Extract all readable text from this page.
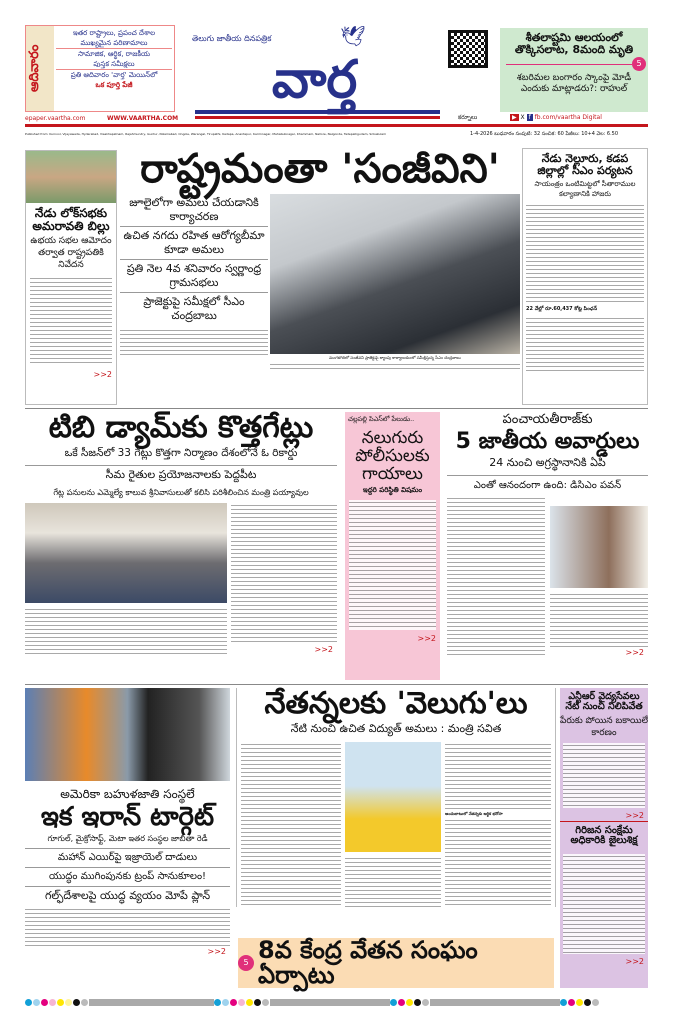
ఆదివారం
ఇతర రాష్ట్రాలు, ప్రపంచ దేశాల
ముఖ్యమైన పరిణామాలు
సామాజిక, ఆర్థిక, రాజకీయ
పుస్తక సమీక్షలు
ప్రతి ఆదివారం 'వార్త' మెయిన్‌లో
ఒక పూర్తి పేజీ
epaper.vaartha.com	WWW.VAARTHA.COM
తెలుగు జాతీయ దినపత్రిక	🕊
వార్త
కర్నూలు
శీతలాష్టమి ఆలయంలో తొక్కిసలాట, 8మంది మృతి
5
శబరిమల బంగారం స్కాంపై మోడీ ఎందుకు మాట్లాడరు?: రాహుల్
▶ X f fb.com/vaartha Digital
Published from: Kurnool, Vijayawada, Hyderabad, Visakhapatnam, Rajahmundry, Guntur, Nizamabad, Ongole, Warangal, Tirupathi, Kadapa, Anantapur, Karimnagar, Mahabubnagar, Khammam, Nellore, Nalgonda, Tadepalligudem, Srikakulam	1-4-2026 బుధవారం సంపుటి: 32 సంచిక: 60 పేజీలు: 10+4 వెల: 6.50
నేడు లోక్‌సభకు అమరావతి బిల్లు
ఉభయ సభల ఆమోదం తర్వాత రాష్ట్రపతికి నివేదన
>>2
రాష్ట్రమంతా 'సంజీవిని'
జూలైలోగా అమలు చేయడానికి కార్యాచరణ
ఉచిత నగదు రహిత ఆరోగ్యబీమా కూడా అమలు
ప్రతి నెల 4వ శనివారం స్వర్ణాంధ్ర గ్రామసభలు
ప్రాజెక్టుపై సమీక్షలో సీఎం చంద్రబాబు
మంగళగిరిలో సంజీవని ప్రాజెక్టుపై క్యాంపు కార్యాలయంలో సమీక్షిస్తున్న సీఎం చంద్రబాబు
నేడు నెల్లూరు, కడప జిల్లాల్లో సీఎం పర్యటన
సాయంత్రం ఒంటిమిట్టలో సీతారాముల కల్యాణానికి హాజరు
22 వేల్లో రూ.60,437 కోట్ల పింఛన్
టిబి డ్యామ్‌కు కొత్తగేట్లు
ఒకే సీజన్‌లో 33 గేట్లు కొత్తగా నిర్మాణం దేశంలోనే ఓ రికార్డు
సీమ రైతుల ప్రయోజనాలకు పెద్దపీట
గేట్ల పనులను ఎమ్మెల్యే కాలువ శ్రీనివాసులుతో కలిసి పరిశీలించిన మంత్రి పయ్యావుల
>>2
చల్లపల్లి పిఎస్‌లో పేలుడు..
నలుగురు పోలీసులకు గాయాలు
ఇద్దరి పరిస్థితి విషమం
>>2
పంచాయతీరాజ్‌కు
5 జాతీయ అవార్డులు
24 నుంచి అగ్రస్థానానికి ఏపి
ఎంతో ఆనందంగా ఉంది: డిసిఎం పవన్
>>2
అమెరికా బహుళజాతి సంస్థలే
ఇక ఇరాన్ టార్గెట్
గూగుల్, మైక్రోసాఫ్ట్, మెటా ఇతర సంస్థల జాబితా రెడీ
మహాన్ ఎయిర్‌పై ఇజ్రాయెల్ దాడులు
యుద్ధం ముగింపునకు ట్రంప్ సానుకూలం!
గల్ఫ్‌దేశాలపై యుద్ధ వ్యయం మోపే ప్లాన్
>>2
నేతన్నలకు 'వెలుగు'లు
నేటి నుంచి ఉచిత విద్యుత్ అమలు : మంత్రి సవిత
అందుబాటులో నేతన్నకు ఆర్థిక భరోసా
5 8వ కేంద్ర వేతన సంఘం ఏర్పాటు
ఎన్టీఆర్ వైద్యసేవలు నేటి నుంచి నిలిపివేత
పేరుకు పోయిన బకాయిలే కారణం
>>2
గిరిజన సంక్షేమ అధికారికి జైలుశిక్ష
>>2
